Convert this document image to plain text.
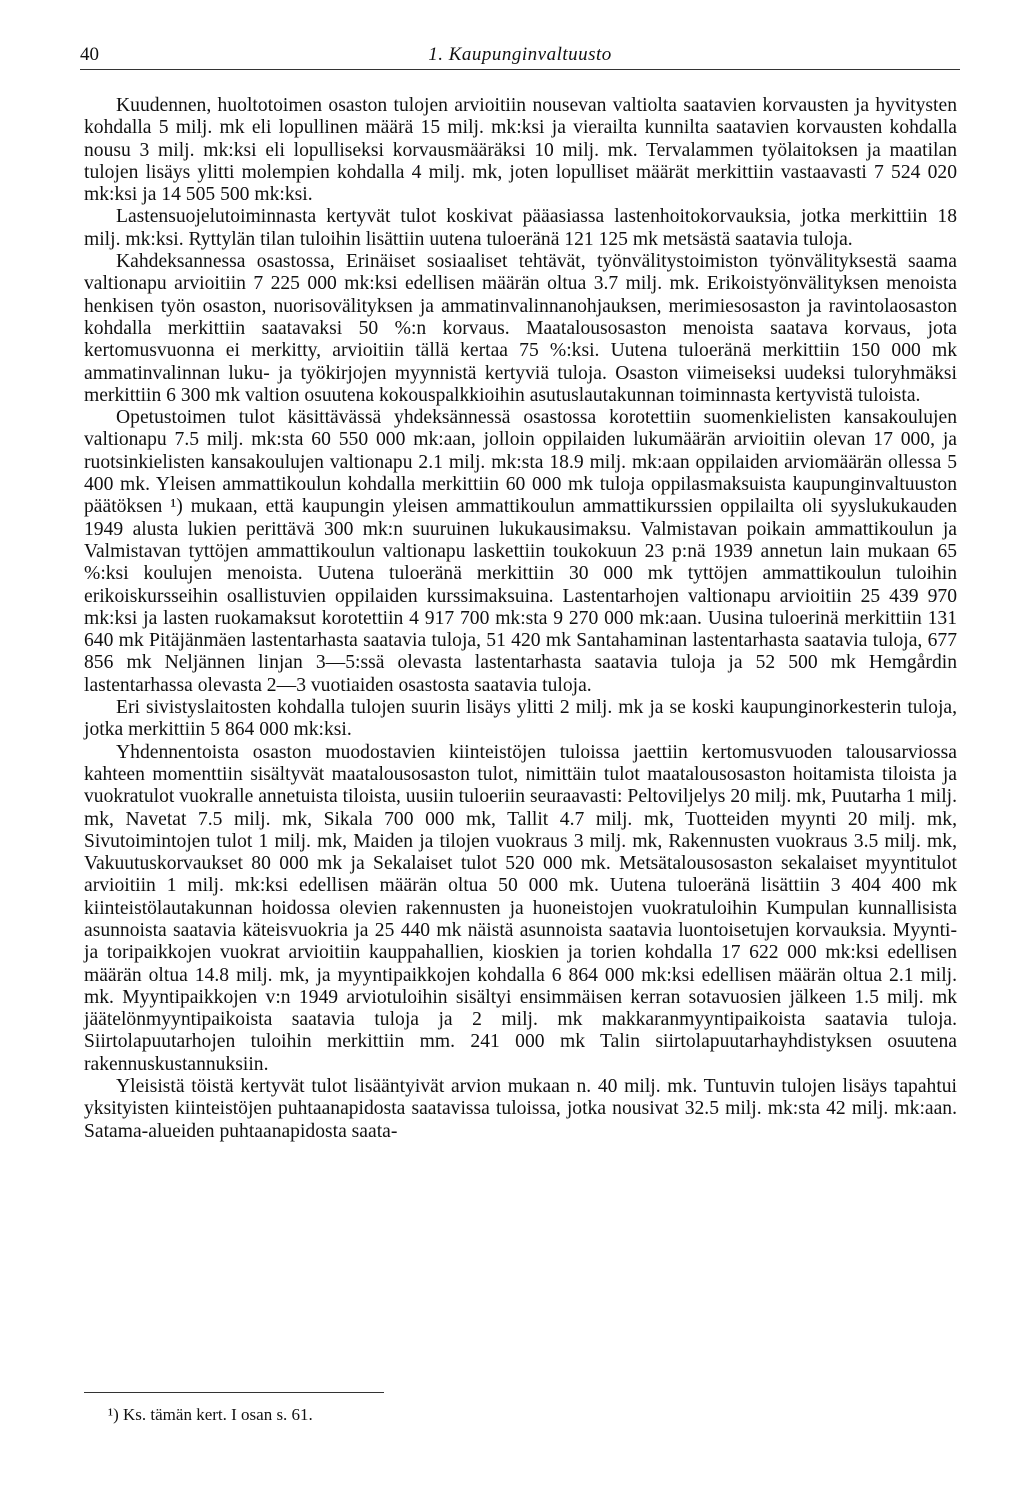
40	1. Kaupunginvaltuusto

Kuudennen, huoltotoimen osaston tulojen arvioitiin nousevan valtiolta saatavien korvausten ja hyvitysten kohdalla 5 milj. mk eli lopullinen määrä 15 milj. mk:ksi ja vierailta kunnilta saatavien korvausten kohdalla nousu 3 milj. mk:ksi eli lopulliseksi korvausmääräksi 10 milj. mk. Tervalammen työlaitoksen ja maatilan tulojen lisäys ylitti molempien kohdalla 4 milj. mk, joten lopulliset määrät merkittiin vastaavasti 7 524 020 mk:ksi ja 14 505 500 mk:ksi.

Lastensuojelutoiminnasta kertyvät tulot koskivat pääasiassa lastenhoitokorvauksia, jotka merkittiin 18 milj. mk:ksi. Ryttylän tilan tuloihin lisättiin uutena tuloeränä 121 125 mk metsästä saatavia tuloja.

Kahdeksannessa osastossa, Erinäiset sosiaaliset tehtävät, työnvälitystoimiston työnvälityksestä saama valtionapu arvioitiin 7 225 000 mk:ksi edellisen määrän oltua 3.7 milj. mk. Erikoistyönvälityksen menoista henkisen työn osaston, nuorisovälityksen ja ammatinvalinnanohjauksen, merimiesosaston ja ravintolaosaston kohdalla merkittiin saatavaksi 50 %:n korvaus. Maatalousosaston menoista saatava korvaus, jota kertomusvuonna ei merkitty, arvioitiin tällä kertaa 75 %:ksi. Uutena tuloeränä merkittiin 150 000 mk ammatinvalinnan luku- ja työkirjojen myynnistä kertyviä tuloja. Osaston viimeiseksi uudeksi tuloryhmäksi merkittiin 6 300 mk valtion osuutena kokouspalkkioihin asutuslautakunnan toiminnasta kertyvistä tuloista.

Opetustoimen tulot käsittävässä yhdeksännessä osastossa korotettiin suomenkielisten kansakoulujen valtionapu 7.5 milj. mk:sta 60 550 000 mk:aan, jolloin oppilaiden lukumäärän arvioitiin olevan 17 000, ja ruotsinkielisten kansakoulujen valtionapu 2.1 milj. mk:sta 18.9 milj. mk:aan oppilaiden arviomäärän ollessa 5 400 mk. Yleisen ammattikoulun kohdalla merkittiin 60 000 mk tuloja oppilasmaksuista kaupunginvaltuuston päätöksen ¹) mukaan, että kaupungin yleisen ammattikoulun ammattikurssien oppilailta oli syyslukukauden 1949 alusta lukien perittävä 300 mk:n suuruinen lukukausimaksu. Valmistavan poikain ammattikoulun ja Valmistavan tyttöjen ammattikoulun valtionapu laskettiin toukokuun 23 p:nä 1939 annetun lain mukaan 65 %:ksi koulujen menoista. Uutena tuloeränä merkittiin 30 000 mk tyttöjen ammattikoulun tuloihin erikoiskursseihin osallistuvien oppilaiden kurssimaksuina. Lastentarhojen valtionapu arvioitiin 25 439 970 mk:ksi ja lasten ruokamaksut korotettiin 4 917 700 mk:sta 9 270 000 mk:aan. Uusina tuloerinä merkittiin 131 640 mk Pitäjänmäen lastentarhasta saatavia tuloja, 51 420 mk Santahaminan lastentarhasta saatavia tuloja, 677 856 mk Neljännen linjan 3—5:ssä olevasta lastentarhasta saatavia tuloja ja 52 500 mk Hemgårdin lastentarhassa olevasta 2—3 vuotiaiden osastosta saatavia tuloja.

Eri sivistyslaitosten kohdalla tulojen suurin lisäys ylitti 2 milj. mk ja se koski kaupunginorkesterin tuloja, jotka merkittiin 5 864 000 mk:ksi.

Yhdennentoista osaston muodostavien kiinteistöjen tuloissa jaettiin kertomusvuoden talousarviossa kahteen momenttiin sisältyvät maatalousosaston tulot, nimittäin tulot maatalousosaston hoitamista tiloista ja vuokratulot vuokralle annetuista tiloista, uusiin tuloeriin seuraavasti: Peltoviljelys 20 milj. mk, Puutarha 1 milj. mk, Navetat 7.5 milj. mk, Sikala 700 000 mk, Tallit 4.7 milj. mk, Tuotteiden myynti 20 milj. mk, Sivutoimintojen tulot 1 milj. mk, Maiden ja tilojen vuokraus 3 milj. mk, Rakennusten vuokraus 3.5 milj. mk, Vakuutuskorvaukset 80 000 mk ja Sekalaiset tulot 520 000 mk. Metsätalousosaston sekalaiset myyntitulot arvioitiin 1 milj. mk:ksi edellisen määrän oltua 50 000 mk. Uutena tuloeränä lisättiin 3 404 400 mk kiinteistölautakunnan hoidossa olevien rakennusten ja huoneistojen vuokratuloihin Kumpulan kunnallisista asunnoista saatavia käteisvuokria ja 25 440 mk näistä asunnoista saatavia luontoisetujen korvauksia. Myynti- ja toripaikkojen vuokrat arvioitiin kauppahallien, kioskien ja torien kohdalla 17 622 000 mk:ksi edellisen määrän oltua 14.8 milj. mk, ja myyntipaikkojen kohdalla 6 864 000 mk:ksi edellisen määrän oltua 2.1 milj. mk. Myyntipaikkojen v:n 1949 arviotuloihin sisältyi ensimmäisen kerran sotavuosien jälkeen 1.5 milj. mk jäätelönmyyntipaikoista saatavia tuloja ja 2 milj. mk makkaranmyyntipaikoista saatavia tuloja. Siirtolapuutarhojen tuloihin merkittiin mm. 241 000 mk Talin siirtolapuutarhayhdistyksen osuutena rakennuskustannuksiin.

Yleisistä töistä kertyvät tulot lisääntyivät arvion mukaan n. 40 milj. mk. Tuntuvin tulojen lisäys tapahtui yksityisten kiinteistöjen puhtaanapidosta saatavissa tuloissa, jotka nousivat 32.5 milj. mk:sta 42 milj. mk:aan. Satama-alueiden puhtaanapidosta saata-

¹) Ks. tämän kert. I osan s. 61.
